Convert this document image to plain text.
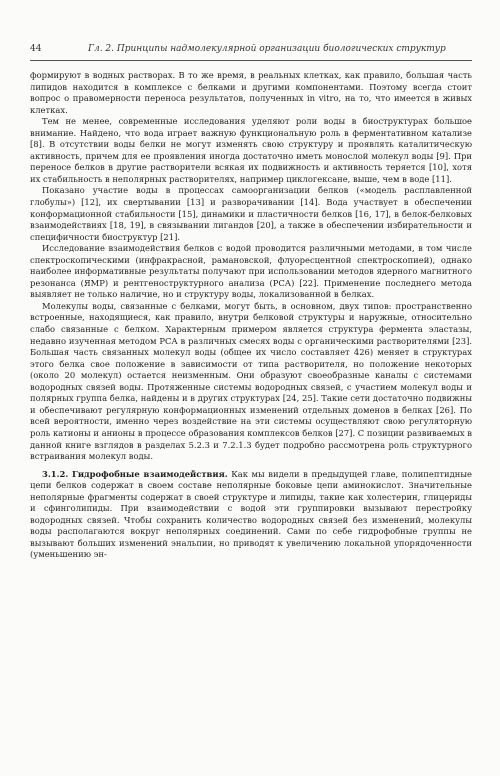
44	Гл. 2. Принципы надмолекулярной организации биологических структур

формируют в водных растворах. В то же время, в реальных клетках, как правило, большая часть липидов находится в комплексе с белками и другими компонентами. Поэтому всегда стоит вопрос о правомерности переноса результатов, полученных in vitro, на то, что имеется в живых клетках.

Тем не менее, современные исследования уделяют роли воды в биоструктурах большое внимание. Найдено, что вода играет важную функциональную роль в ферментативном катализе [8]. В отсутствии воды белки не могут изменять свою структуру и проявлять каталитическую активность, причем для ее проявления иногда достаточно иметь монослой молекул воды [9]. При переносе белков в другие растворители всякая их подвижность и активность теряется [10], хотя их стабильность в неполярных растворителях, например циклогексане, выше, чем в воде [11].

Показано участие воды в процессах самоорганизации белков («модель расплавленной глобулы») [12], их свертывании [13] и разворачивании [14]. Вода участвует в обеспечении конформационной стабильности [15], динамики и пластичности белков [16, 17], в белок-белковых взаимодействиях [18, 19], в связывании лигандов [20], а также в обеспечении избирательности и специфичности биоструктур [21].

Исследование взаимодействия белков с водой проводится различными методами, в том числе спектроскопическими (инфракрасной, рамановской, флуоресцентной спектроскопией), однако наиболее информативные результаты получают при использовании методов ядерного магнитного резонанса (ЯМР) и рентгеноструктурного анализа (РСА) [22]. Применение последнего метода выявляет не только наличие, но и структуру воды, локализованной в белках.

Молекулы воды, связанные с белками, могут быть, в основном, двух типов: пространственно встроенные, находящиеся, как правило, внутри белковой структуры и наружные, относительно слабо связанные с белком. Характерным примером является структура фермента эластазы, недавно изученная методом РСА в различных смесях воды с органическими растворителями [23]. Большая часть связанных молекул воды (общее их число составляет 426) меняет в структурах этого белка свое положение в зависимости от типа растворителя, но положение некоторых (около 20 молекул) остается неизменным. Они образуют своеобразные каналы с системами водородных связей воды. Протяженные системы водородных связей, с участием молекул воды и полярных группа белка, найдены и в других структурах [24, 25]. Такие сети достаточно подвижны и обеспечивают регулярную конформационных изменений отдельных доменов в белках [26]. По всей вероятности, именно через воздействие на эти системы осуществляют свою регуляторную роль катионы и анионы в процессе образования комплексов белков [27]. С позиции развиваемых в данной книге взглядов в разделах 5.2.3 и 7.2.1.3 будет подробно рассмотрена роль структурного встраивания молекул воды.

3.1.2. Гидрофобные взаимодействия. Как мы видели в предыдущей главе, полипептидные цепи белков содержат в своем составе неполярные боковые цепи аминокислот. Значительные неполярные фрагменты содержат в своей структуре и липиды, такие как холестерин, глицериды и сфинголипиды. При взаимодействии с водой эти группировки вызывают перестройку водородных связей. Чтобы сохранить количество водородных связей без изменений, молекулы воды располагаются вокруг неполярных соединений. Сами по себе гидрофобные группы не вызывают больших изменений энальпии, но приводят к увеличению локальной упорядоченности (уменьшению эн-
